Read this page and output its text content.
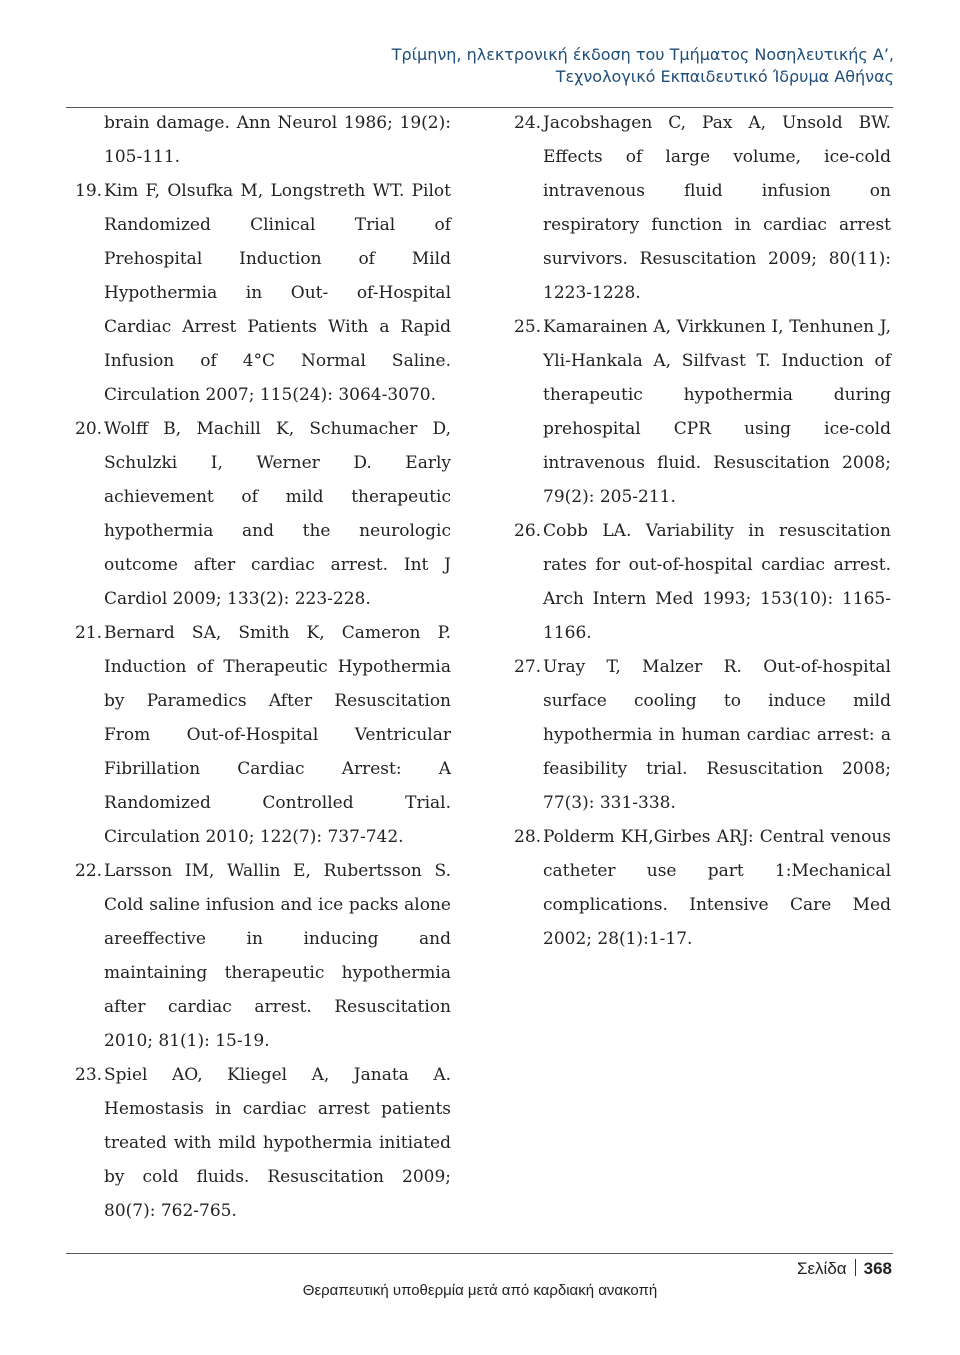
Τρίμηνη, ηλεκτρονική έκδοση του Τμήματος Νοσηλευτικής Α’,
Τεχνολογικό Εκπαιδευτικό Ίδρυμα Αθήνας
brain damage. Ann Neurol 1986; 19(2): 105-111.
19. Kim F, Olsufka M, Longstreth WT. Pilot Randomized Clinical Trial of Prehospital Induction of Mild Hypothermia in Out- of-Hospital Cardiac Arrest Patients With a Rapid Infusion of 4°C Normal Saline. Circulation 2007; 115(24): 3064-3070.
20. Wolff B, Machill K, Schumacher D, Schulzki I, Werner D. Early achievement of mild therapeutic hypothermia and the neurologic outcome after cardiac arrest. Int J Cardiol 2009; 133(2): 223-228.
21. Bernard SA, Smith K, Cameron P. Induction of Therapeutic Hypothermia by Paramedics After Resuscitation From Out-of-Hospital Ventricular Fibrillation Cardiac Arrest: A Randomized Controlled Trial. Circulation 2010; 122(7): 737-742.
22. Larsson IM, Wallin E, Rubertsson S. Cold saline infusion and ice packs alone areeffective in inducing and maintaining therapeutic hypothermia after cardiac arrest. Resuscitation 2010; 81(1): 15-19.
23. Spiel AO, Kliegel A, Janata A. Hemostasis in cardiac arrest patients treated with mild hypothermia initiated by cold fluids. Resuscitation 2009; 80(7): 762-765.
24. Jacobshagen C, Pax A, Unsold BW. Effects of large volume, ice-cold intravenous fluid infusion on respiratory function in cardiac arrest survivors. Resuscitation 2009; 80(11): 1223-1228.
25. Kamarainen A, Virkkunen I, Tenhunen J, Yli-Hankala A, Silfvast T. Induction of therapeutic hypothermia during prehospital CPR using ice-cold intravenous fluid. Resuscitation 2008; 79(2): 205-211.
26. Cobb LA. Variability in resuscitation rates for out-of-hospital cardiac arrest. Arch Intern Med 1993; 153(10): 1165-1166.
27. Uray T, Malzer R. Out-of-hospital surface cooling to induce mild hypothermia in human cardiac arrest: a feasibility trial. Resuscitation 2008; 77(3): 331-338.
28. Polderm KH,Girbes ARJ: Central venous catheter use part 1:Mechanical complications. Intensive Care Med 2002; 28(1):1-17.
Σελίδα 368
Θεραπευτική υποθερμία μετά από καρδιακή ανακοπή
